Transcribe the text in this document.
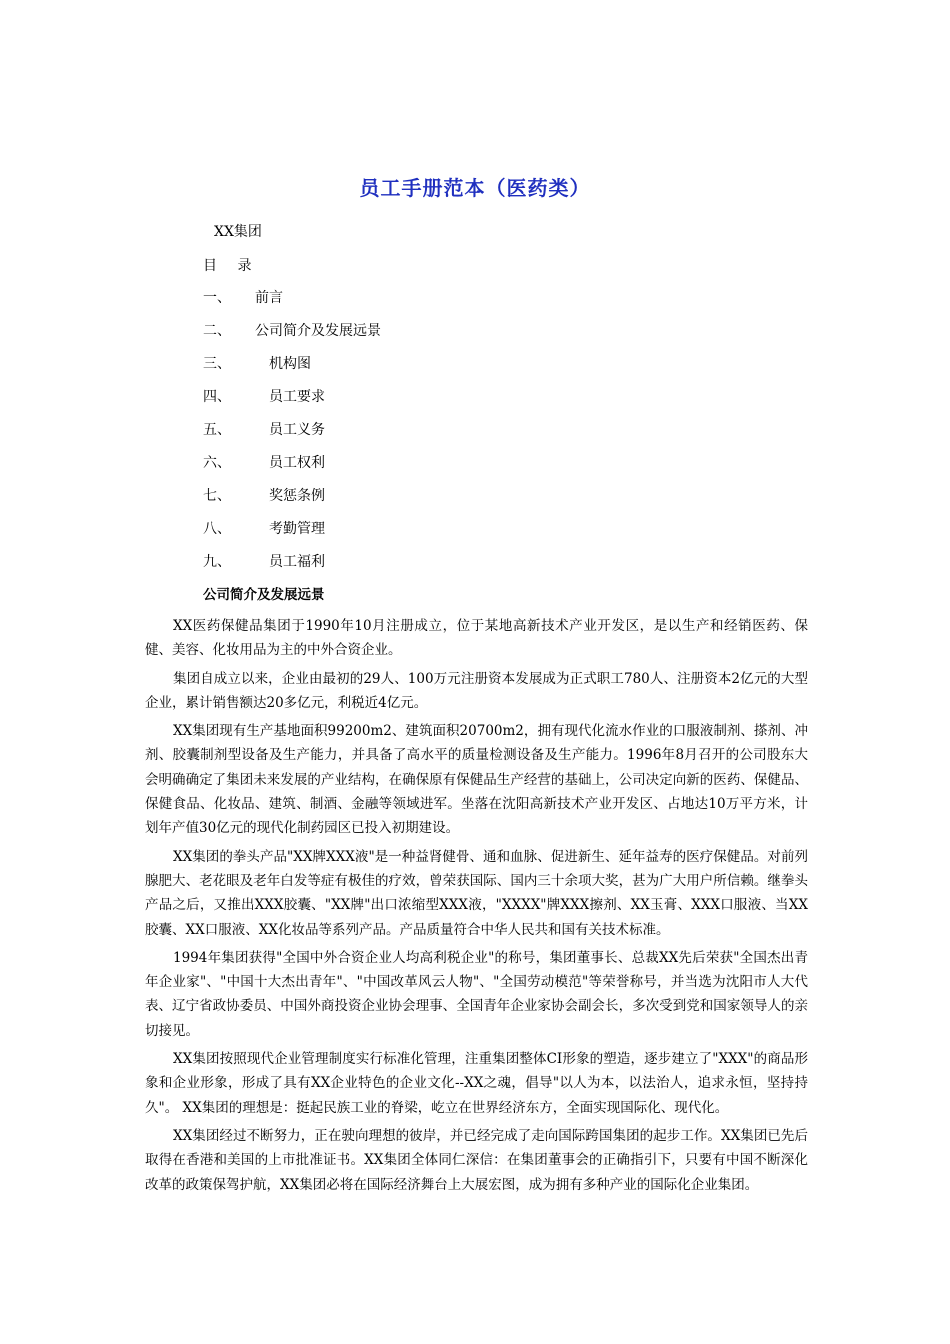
员工手册范本（医药类）
XX集团
目 录
一、 前言
二、 公司简介及发展远景
三、	机构图
四、	员工要求
五、	员工义务
六、	员工权利
七、	奖惩条例
八、	考勤管理
九、	员工福利
公司简介及发展远景

XX医药保健品集团于1990年10月注册成立，位于某地高新技术产业开发区，是以生产和经销医药、保健、美容、化妆用品为主的中外合资企业。

集团自成立以来，企业由最初的29人、100万元注册资本发展成为正式职工780人、注册资本2亿元的大型企业，累计销售额达20多亿元，利税近4亿元。

XX集团现有生产基地面积99200m2、建筑面积20700m2，拥有现代化流水作业的口服液制剂、搽剂、冲剂、胶囊制剂型设备及生产能力，并具备了高水平的质量检测设备及生产能力。1996年8月召开的公司股东大会明确确定了集团未来发展的产业结构，在确保原有保健品生产经营的基础上，公司决定向新的医药、保健品、保健食品、化妆品、建筑、制酒、金融等领域进军。坐落在沈阳高新技术产业开发区、占地达10万平方米，计划年产值30亿元的现代化制药园区已投入初期建设。

XX集团的拳头产品"XX牌XXX液"是一种益肾健骨、通和血脉、促进新生、延年益寿的医疗保健品。对前列腺肥大、老花眼及老年白发等症有极佳的疗效，曾荣获国际、国内三十余项大奖，甚为广大用户所信赖。继拳头产品之后，又推出XXX胶囊、"XX牌"出口浓缩型XXX液，"XXXX"牌XXX擦剂、XX玉膏、XXX口服液、当XX胶囊、XX口服液、XX化妆品等系列产品。产品质量符合中华人民共和国有关技术标准。

1994年集团获得"全国中外合资企业人均高利税企业"的称号，集团董事长、总裁XX先后荣获"全国杰出青年企业家"、"中国十大杰出青年"、"中国改革风云人物"、"全国劳动模范"等荣誉称号，并当选为沈阳市人大代表、辽宁省政协委员、中国外商投资企业协会理事、全国青年企业家协会副会长，多次受到党和国家领导人的亲切接见。

XX集团按照现代企业管理制度实行标准化管理，注重集团整体CI形象的塑造，逐步建立了"XXX"的商品形象和企业形象，形成了具有XX企业特色的企业文化--XX之魂，倡导"以人为本，以法治人，追求永恒，坚持持久"。 XX集团的理想是：挺起民族工业的脊梁，屹立在世界经济东方，全面实现国际化、现代化。

XX集团经过不断努力，正在驶向理想的彼岸，并已经完成了走向国际跨国集团的起步工作。XX集团已先后取得在香港和美国的上市批准证书。XX集团全体同仁深信：在集团董事会的正确指引下，只要有中国不断深化改革的政策保驾护航，XX集团必将在国际经济舞台上大展宏图，成为拥有多种产业的国际化企业集团。
